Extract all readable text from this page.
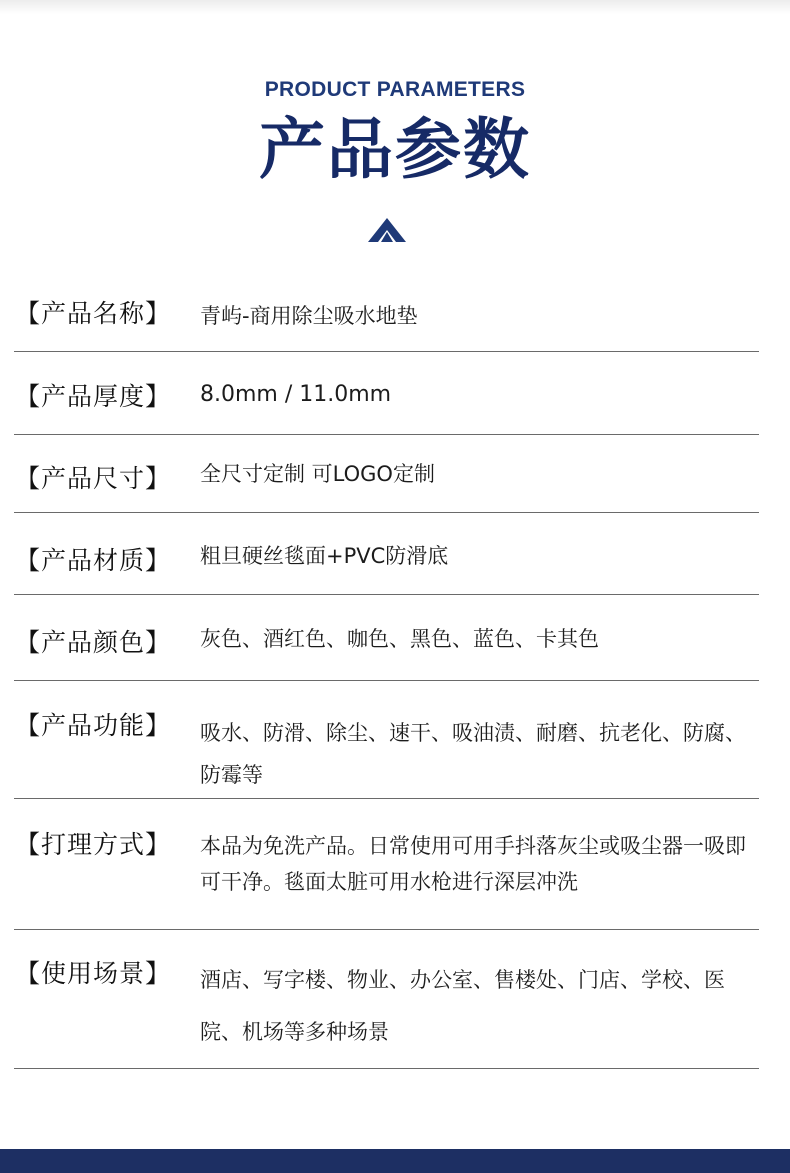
PRODUCT PARAMETERS
产品参数
【产品名称】 青屿-商用除尘吸水地垫
【产品厚度】 8.0mm / 11.0mm
【产品尺寸】 全尺寸定制 可LOGO定制
【产品材质】 粗旦硬丝毯面+PVC防滑底
【产品颜色】 灰色、酒红色、咖色、黑色、蓝色、卡其色
【产品功能】 吸水、防滑、除尘、速干、吸油渍、耐磨、抗老化、防腐、防霉等
【打理方式】 本品为免洗产品。日常使用可用手抖落灰尘或吸尘器一吸即可干净。毯面太脏可用水枪进行深层冲洗
【使用场景】 酒店、写字楼、物业、办公室、售楼处、门店、学校、医院、机场等多种场景
